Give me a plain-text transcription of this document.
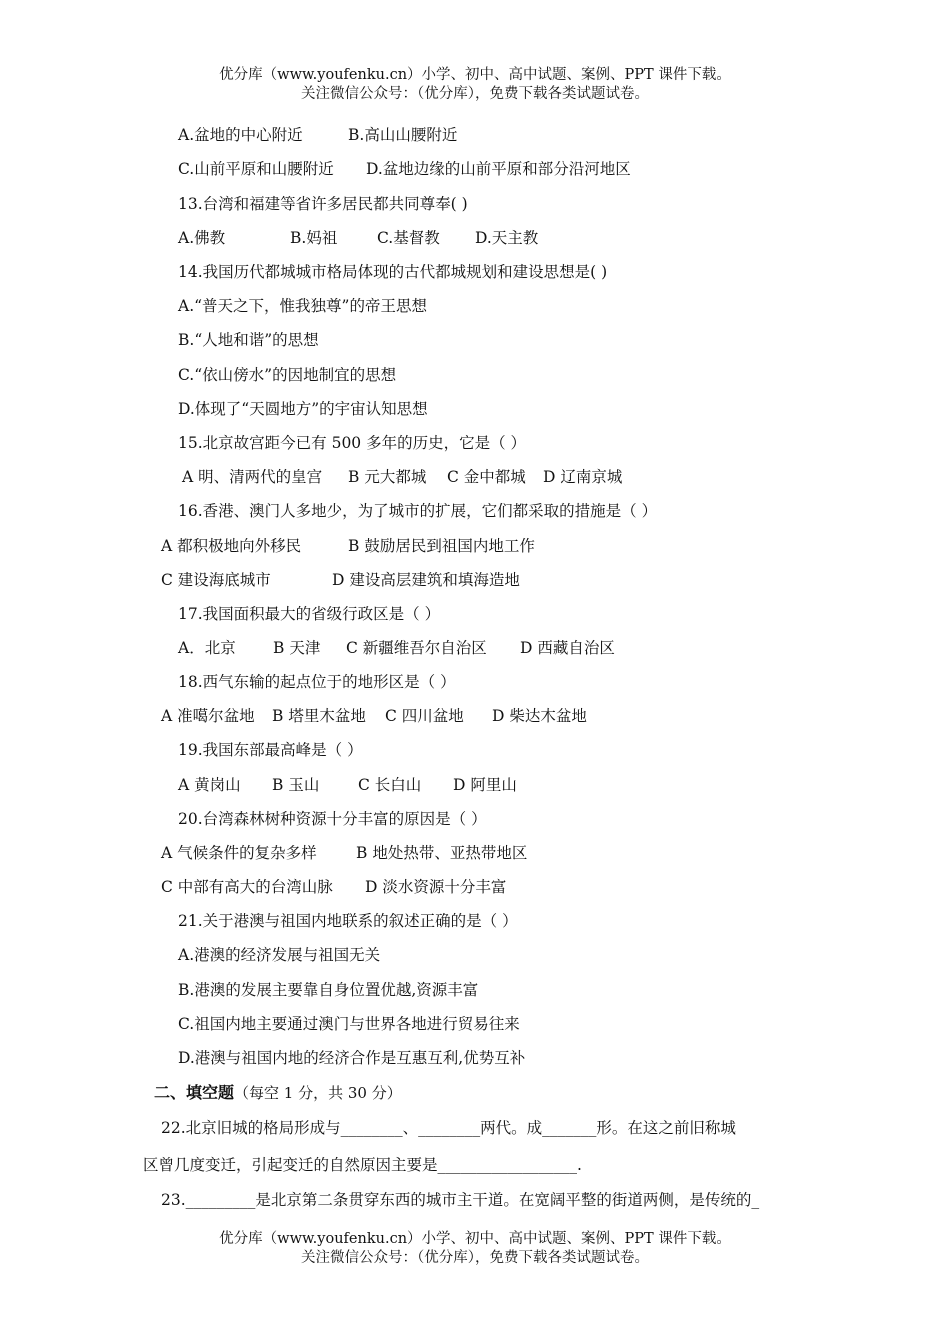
优分库（www.youfenku.cn）小学、初中、高中试题、案例、PPT 课件下载。
关注微信公众号：（优分库），免费下载各类试题试卷。
A.盆地的中心附近	B.高山山腰附近
C.山前平原和山腰附近 D.盆地边缘的山前平原和部分沿河地区
13.台湾和福建等省许多居民都共同尊奉( )
A.佛教	B.妈祖	C.基督教 D.天主教
14.我国历代都城城市格局体现的古代都城规划和建设思想是( )
A.“普天之下，惟我独尊”的帝王思想
B.“人地和谐”的思想
C.“依山傍水”的因地制宜的思想
D.体现了“天圆地方”的宇宙认知思想
15.北京故宫距今已有 500 多年的历史，它是（ ）
A 明、清两代的皇宫 B 元大都城 C 金中都城 D 辽南京城
16.香港、澳门人多地少，为了城市的扩展，它们都采取的措施是（ ）
A 都积极地向外移民	B 鼓励居民到祖国内地工作
C 建设海底城市	D 建设高层建筑和填海造地
17.我国面积最大的省级行政区是（ ）
A．北京 B 天津 C 新疆维吾尔自治区 D 西藏自治区
18.西气东输的起点位于的地形区是（ ）
A 准噶尔盆地 B 塔里木盆地 C 四川盆地 D 柴达木盆地
19.我国东部最高峰是（ ）
A 黄岗山 B 玉山 C 长白山 D 阿里山
20.台湾森林树种资源十分丰富的原因是（ ）
A 气候条件的复杂多样	B 地处热带、亚热带地区
C 中部有高大的台湾山脉 D 淡水资源十分丰富
21.关于港澳与祖国内地联系的叙述正确的是（ ）
A.港澳的经济发展与祖国无关
B.港澳的发展主要靠自身位置优越,资源丰富
C.祖国内地主要通过澳门与世界各地进行贸易往来
D.港澳与祖国内地的经济合作是互惠互利,优势互补
二、填空题（每空 1 分，共 30 分）
22.北京旧城的格局形成与________、________两代。成_______形。在这之前旧称城
区曾几度变迁，引起变迁的自然原因主要是__________________.
23._________是北京第二条贯穿东西的城市主干道。在宽阔平整的街道两侧，是传统的_
优分库（www.youfenku.cn）小学、初中、高中试题、案例、PPT 课件下载。
关注微信公众号：（优分库），免费下载各类试题试卷。
